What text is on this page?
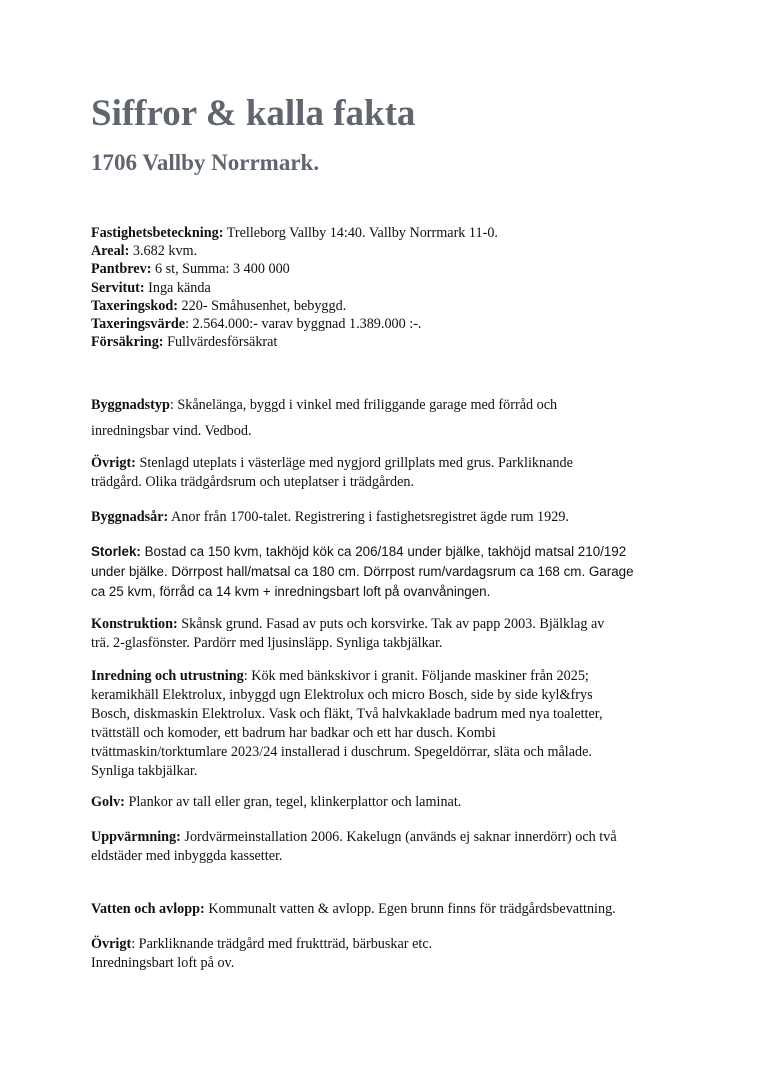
Siffror & kalla fakta
1706 Vallby Norrmark.
Fastighetsbeteckning: Trelleborg Vallby 14:40. Vallby Norrmark 11-0.
Areal: 3.682 kvm.
Pantbrev: 6 st, Summa: 3 400 000
Servitut: Inga kända
Taxeringskod: 220- Småhusenhet, bebyggd.
Taxeringsvärde: 2.564.000:- varav byggnad 1.389.000 :-.
Försäkring: Fullvärdesförsäkrat
Byggnadstyp: Skånelänga, byggd i vinkel med friliggande garage med förråd och
inredningsbar vind. Vedbod.
Övrigt: Stenlagd uteplats i västerläge med nygjord grillplats med grus. Parkliknande
trädgård. Olika trädgårdsrum och uteplatser i trädgården.
Byggnadsår: Anor från 1700-talet. Registrering i fastighetsregistret ägde rum 1929.
Storlek: Bostad ca 150 kvm, takhöjd kök ca 206/184 under bjälke, takhöjd matsal 210/192
under bjälke. Dörrpost hall/matsal ca 180 cm. Dörrpost rum/vardagsrum ca 168 cm. Garage
ca 25 kvm, förråd ca 14 kvm + inredningsbart loft på ovanvåningen.
Konstruktion: Skånsk grund. Fasad av puts och korsvirke. Tak av papp 2003. Bjälklag av
trä. 2-glasfönster. Pardörr med ljusinsläpp. Synliga takbjälkar.
Inredning och utrustning: Kök med bänkskivor i granit. Följande maskiner från 2025;
keramikhäll Elektrolux, inbyggd ugn Elektrolux och micro Bosch, side by side kyl&frys
Bosch, diskmaskin Elektrolux. Vask och fläkt, Två halvkaklade badrum med nya toaletter,
tvättställ och komoder, ett badrum har badkar och ett har dusch. Kombi
tvättmaskin/torktumlare 2023/24 installerad i duschrum. Spegeldörrar, släta och målade.
Synliga takbjälkar.
Golv: Plankor av tall eller gran, tegel, klinkerplattor och laminat.
Uppvärmning: Jordvärmeinstallation 2006. Kakelugn (används ej saknar innerdörr) och två
eldstäder med inbyggda kassetter.
Vatten och avlopp: Kommunalt vatten & avlopp. Egen brunn finns för trädgårdsbevattning.
Övrigt: Parkliknande trädgård med fruktträd, bärbuskar etc.
Inredningsbart loft på ov.
